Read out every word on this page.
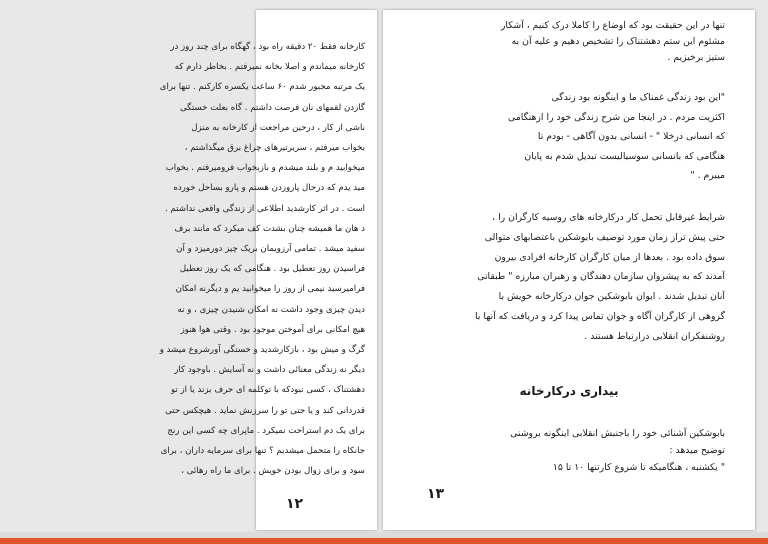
کارخانه فقط ۲۰ دقیقه راه بود ، گهگاه برای چند روز در
کارخانه میماندم و اصلا بخانه نمیرفتم . بخاطر دارم که
یک مرتبه مجبور شدم ۶۰ ساعت یکسره کارکنم . تنها برای
گازدن لقمهای نان فرصت داشتم . گاه بعلت خستگی
ناشی از کار ، درحین مراجعت از کارخانه به منزل
بخواب میرفتم ، سربرتیرهای چراغ برق میگذاشتم ،
میخوابید م و بلند میشدم و بازبخواب فرومیرفتم . بخواب
مید یدم که درحال پاروزدن هستم و پارو بساحل خورده
است . در اثر کارشدید اطلاعی از زندگی واقعی نداشتم .
د هان ما همیشه چنان بشدت کف میکرد که مانند برف
سفید میشد . تمامی آرزویمان بریک چیز دورمیزد و آن
فراسیدن روز تعطیل بود . هنگامی که یک روز تعطیل
فرامیرسید نیمی از روز را میخوابید یم و دیگرنه امکان
دیدن چیزی وجود داشت نه امکان شنیدن چیزی ، و نه
هیچ امکانی برای آموختن موجود بود . وقتی هوا هنوز
گرگ و میش بود ، بازکارشدید و خستگی آورشروع میشد و
دیگر نه زندگی معنائی داشت و نه آسایش . باوجود کار
دهشتناک ، کسی نبودکه با توکلمه ای حرف بزند یا از تو
قدردانی کند و یا حتی تو را سرزنش نماید . هیچکس حتی
برای یک دم استراحت نمیکرد . ماپرای چه کسی این رنج
جانکاه را متحمل میشدیم ؟ تنها برای سرمایه داران ، برای
سود و برای زوال بودن خویش . برای ما راه رهائی ،
۱۲
تنها در این حقیقت بود که اوضاع را کاملا درک کنیم ، آشکار
مشئوم این ستم دهشتناک را تشخیص دهیم و علیه آن به
ستیز برخیزیم .
"این بود زندگی غمناک ما و اینگونه بود زندگی
اکثریت مردم . در اینجا من شرح زندگی خود را ازهنگامی
که انسانی درخلا " - انسانی بدون آگاهی - بودم تا
هنگامی که بانسانی سوسیالیست تبدیل شدم به پایان
میبرم . "
شرایط غیرقابل تحمل کار درکارخانه های روسیه کارگران را ،
حتی پیش تراز زمان مورد توصیف بابوشکین باعتصابهای متوالی
سوق داده بود . بعدها از میان کارگران کارخانه افرادی بیرون
آمدند که به پیشروان سازمان دهندگان و رهبران مبارزه " طبقاتی
آنان تبدیل شدند . ایوان بابوشکین جوان درکارخانه خویش با
گروهی از کارگران آگاه و جوان تماس پیدا کرد و دریافت که آنها با
روشنفکران انقلابی درارتباط هستند .
بیداری درکارخانه
بابوشکین آشنائی خود را باجنبش انقلابی اینگونه بروشنی
توضیح میدهد :
" یکشنبه ، هنگامیکه تا شروع کارتنها ۱۰ تا ۱۵
۱۳
